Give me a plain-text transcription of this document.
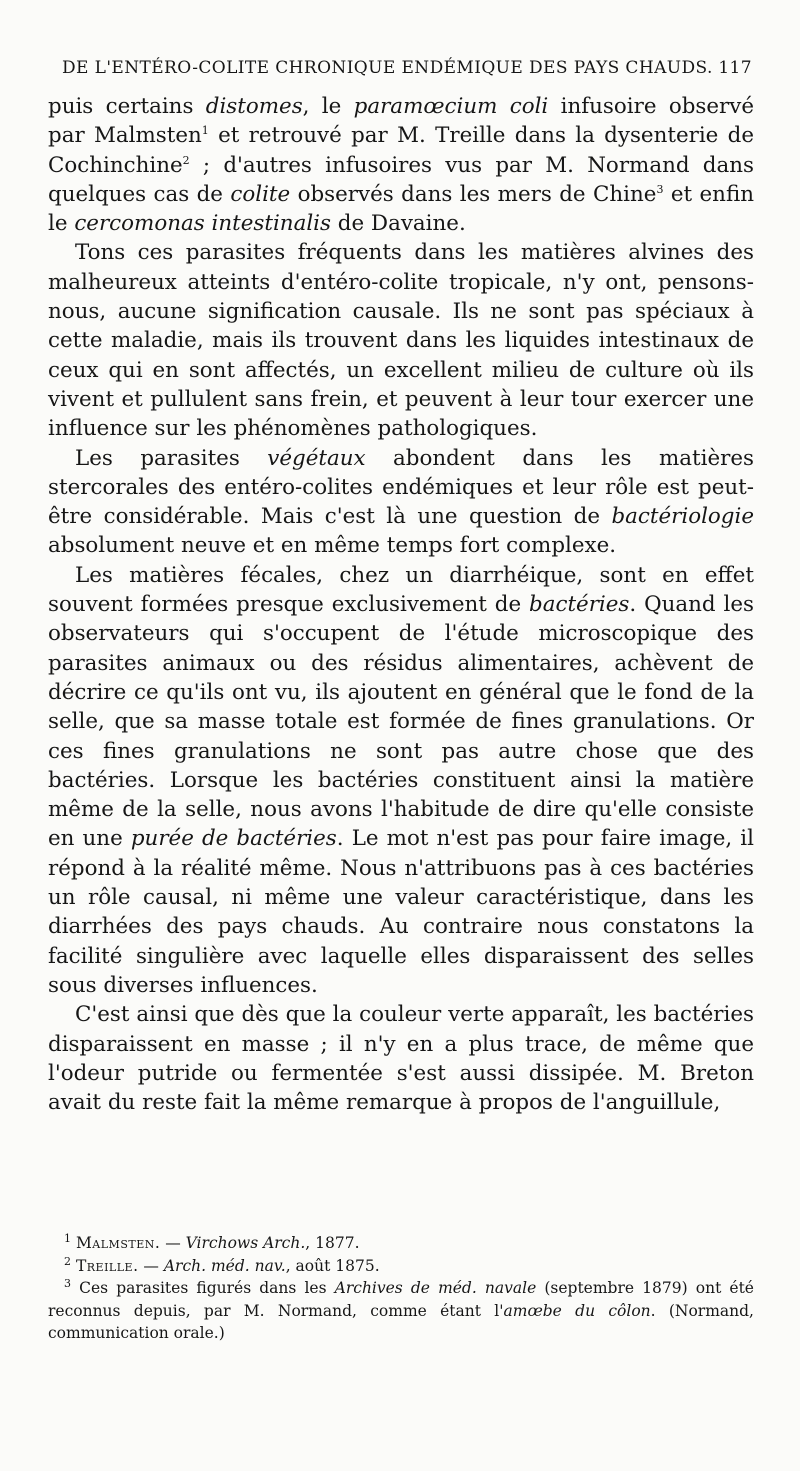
DE L'ENTÉRO-COLITE CHRONIQUE ENDÉMIQUE DES PAYS CHAUDS. 117

puis certains distomes, le paramœcium coli infusoire observé par Malmsten$^1$ et retrouvé par M. Treille dans la dysenterie de Cochinchine$^2$ ; d'autres infusoires vus par M. Normand dans quelques cas de colite observés dans les mers de Chine$^3$ et enfin le cercomonas intestinalis de Davaine.

Tons ces parasites fréquents dans les matières alvines des malheureux atteints d'entéro-colite tropicale, n'y ont, pensons-nous, aucune signification causale. Ils ne sont pas spéciaux à cette maladie, mais ils trouvent dans les liquides intestinaux de ceux qui en sont affectés, un excellent milieu de culture où ils vivent et pullulent sans frein, et peuvent à leur tour exercer une influence sur les phénomènes pathologiques.

Les parasites végétaux abondent dans les matières stercorales des entéro-colites endémiques et leur rôle est peut-être considérable. Mais c'est là une question de bactériologie absolument neuve et en même temps fort complexe.

Les matières fécales, chez un diarrhéique, sont en effet souvent formées presque exclusivement de bactéries. Quand les observateurs qui s'occupent de l'étude microscopique des parasites animaux ou des résidus alimentaires, achèvent de décrire ce qu'ils ont vu, ils ajoutent en général que le fond de la selle, que sa masse totale est formée de fines granulations. Or ces fines granulations ne sont pas autre chose que des bactéries. Lorsque les bactéries constituent ainsi la matière même de la selle, nous avons l'habitude de dire qu'elle consiste en une purée de bactéries. Le mot n'est pas pour faire image, il répond à la réalité même. Nous n'attribuons pas à ces bactéries un rôle causal, ni même une valeur caractéristique, dans les diarrhées des pays chauds. Au contraire nous constatons la facilité singulière avec laquelle elles disparaissent des selles sous diverses influences.

C'est ainsi que dès que la couleur verte apparaît, les bactéries disparaissent en masse ; il n'y en a plus trace, de même que l'odeur putride ou fermentée s'est aussi dissipée. M. Breton avait du reste fait la même remarque à propos de l'anguillule,

$^1$ Malmsten. — Virchows Arch., 1877.

$^2$ Treille. — Arch. méd. nav., août 1875.

$^3$ Ces parasites figurés dans les Archives de méd. navale (septembre 1879) ont été reconnus depuis, par M. Normand, comme étant l'amœbe du côlon. (Normand, communication orale.)
